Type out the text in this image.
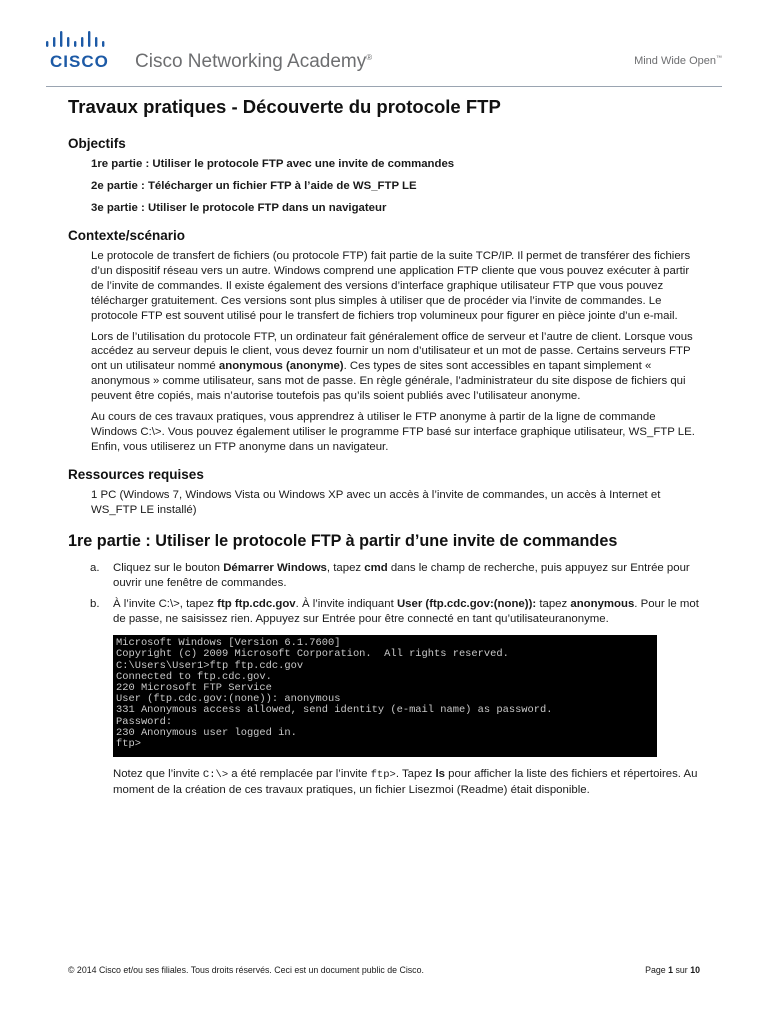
CISCO Cisco Networking Academy®	Mind Wide Open™
Travaux pratiques - Découverte du protocole FTP
Objectifs
1re partie : Utiliser le protocole FTP avec une invite de commandes
2e partie : Télécharger un fichier FTP à l’aide de WS_FTP LE
3e partie : Utiliser le protocole FTP dans un navigateur
Contexte/scénario
Le protocole de transfert de fichiers (ou protocole FTP) fait partie de la suite TCP/IP. Il permet de transférer des fichiers d’un dispositif réseau vers un autre. Windows comprend une application FTP cliente que vous pouvez exécuter à partir de l’invite de commandes. Il existe également des versions d’interface graphique utilisateur FTP que vous pouvez télécharger gratuitement. Ces versions sont plus simples à utiliser que de procéder via l’invite de commandes. Le protocole FTP est souvent utilisé pour le transfert de fichiers trop volumineux pour figurer en pièce jointe d’un e-mail.
Lors de l’utilisation du protocole FTP, un ordinateur fait généralement office de serveur et l’autre de client. Lorsque vous accédez au serveur depuis le client, vous devez fournir un nom d’utilisateur et un mot de passe. Certains serveurs FTP ont un utilisateur nommé anonymous (anonyme). Ces types de sites sont accessibles en tapant simplement « anonymous » comme utilisateur, sans mot de passe. En règle générale, l’administrateur du site dispose de fichiers qui peuvent être copiés, mais n’autorise toutefois pas qu’ils soient publiés avec l’utilisateur anonyme.
Au cours de ces travaux pratiques, vous apprendrez à utiliser le FTP anonyme à partir de la ligne de commande Windows C:\>. Vous pouvez également utiliser le programme FTP basé sur interface graphique utilisateur, WS_FTP LE. Enfin, vous utiliserez un FTP anonyme dans un navigateur.
Ressources requises
1 PC (Windows 7, Windows Vista ou Windows XP avec un accès à l’invite de commandes, un accès à Internet et WS_FTP LE installé)
1re partie : Utiliser le protocole FTP à partir d’une invite de commandes
a.	Cliquez sur le bouton Démarrer Windows, tapez cmd dans le champ de recherche, puis appuyez sur Entrée pour ouvrir une fenêtre de commandes.
b.	À l’invite C:\>, tapez ftp ftp.cdc.gov. À l’invite indiquant User (ftp.cdc.gov:(none)): tapez anonymous. Pour le mot de passe, ne saisissez rien. Appuyez sur Entrée pour être connecté en tant qu’utilisateuranonyme.
Microsoft Windows [Version 6.1.7600]
Copyright (c) 2009 Microsoft Corporation.  All rights reserved.
C:\Users\User1>ftp ftp.cdc.gov
Connected to ftp.cdc.gov.
220 Microsoft FTP Service
User (ftp.cdc.gov:(none)): anonymous
331 Anonymous access allowed, send identity (e-mail name) as password.
Password:
230 Anonymous user logged in.
ftp>
Notez que l’invite C:\> a été remplacée par l’invite ftp>. Tapez ls pour afficher la liste des fichiers et répertoires. Au moment de la création de ces travaux pratiques, un fichier Lisezmoi (Readme) était disponible.
© 2014 Cisco et/ou ses filiales. Tous droits réservés. Ceci est un document public de Cisco.	Page 1 sur 10
